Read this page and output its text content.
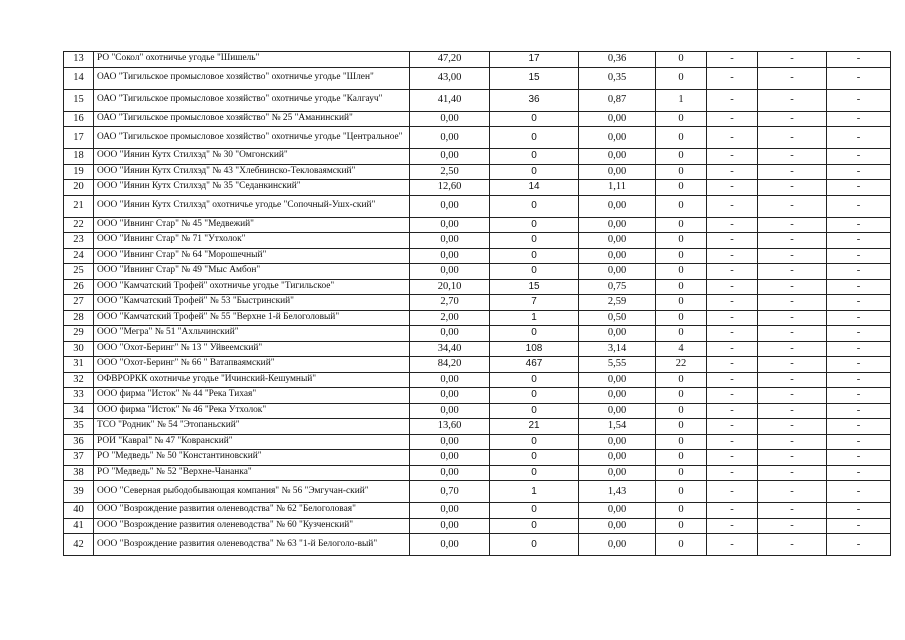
13	РО "Сокол" охотничье угодье "Шишель"	47,20	17	0,36	0	-	-	-
14	ОАО "Тигильское промысловое хозяйство" охотничье угодье "Шлен"	43,00	15	0,35	0	-	-	-
15	ОАО "Тигильское промысловое хозяйство" охотничье угодье "Калгауч"	41,40	36	0,87	1	-	-	-
16	ОАО "Тигильское промысловое хозяйство" № 25 "Аманинский"	0,00	0	0,00	0	-	-	-
17	ОАО "Тигильское промысловое хозяйство" охотничье угодье "Центральное"	0,00	0	0,00	0	-	-	-
18	ООО "Иянин Кутх Стилхэд" № 30 "Омгонский"	0,00	0	0,00	0	-	-	-
19	ООО "Иянин Кутх Стилхэд" № 43 "Хлебнинско-Текловаямский"	2,50	0	0,00	0	-	-	-
20	ООО "Иянин Кутх Стилхэд" № 35 "Седанкинский"	12,60	14	1,11	0	-	-	-
21	ООО "Иянин Кутх Стилхэд" охотничье угодье "Сопочный-Ушх-ский"	0,00	0	0,00	0	-	-	-
22	ООО "Ивнинг Стар" № 45 "Медвежий"	0,00	0	0,00	0	-	-	-
23	ООО "Ивнинг Стар" № 71 "Утхолок"	0,00	0	0,00	0	-	-	-
24	ООО "Ивнинг Стар" № 64 "Морошечный"	0,00	0	0,00	0	-	-	-
25	ООО "Ивнинг Стар" № 49 "Мыс Амбон"	0,00	0	0,00	0	-	-	-
26	ООО "Камчатский Трофей" охотничье угодье "Тигильское"	20,10	15	0,75	0	-	-	-
27	ООО "Камчатский Трофей" № 53 "Быстринский"	2,70	7	2,59	0	-	-	-
28	ООО "Камчатский Трофей" № 55 "Верхне 1-й Белоголовый"	2,00	1	0,50	0	-	-	-
29	ООО "Мегра" № 51 "Ахльчинский"	0,00	0	0,00	0	-	-	-
30	ООО "Охот-Беринг" № 13 " Уйвеемский"	34,40	108	3,14	4	-	-	-
31	ООО "Охот-Беринг" № 66 " Ватапваямский"	84,20	467	5,55	22	-	-	-
32	ОФВРОРКК охотничье угодье "Ичинский-Кешумный"	0,00	0	0,00	0	-	-	-
33	ООО фирма "Исток" № 44 "Река Тихая"	0,00	0	0,00	0	-	-	-
34	ООО фирма "Исток" № 46 "Река Утхолок"	0,00	0	0,00	0	-	-	-
35	ТСО "Родник" № 54 "Этопаньский"	13,60	21	1,54	0	-	-	-
36	РОИ "Кавраl" № 47 "Ковранский"	0,00	0	0,00	0	-	-	-
37	РО "Медведь" № 50 "Константиновский"	0,00	0	0,00	0	-	-	-
38	РО "Медведь" № 52 "Верхне-Чананка"	0,00	0	0,00	0	-	-	-
39	ООО "Северная рыбодобывающая компания" № 56 "Эмгучан-ский"	0,70	1	1,43	0	-	-	-
40	ООО "Возрождение развития оленеводства" № 62 "Белоголовая"	0,00	0	0,00	0	-	-	-
41	ООО "Возрождение развития оленеводства" № 60 "Кузченский"	0,00	0	0,00	0	-	-	-
42	ООО "Возрождение развития оленеводства" № 63 "1-й Белоголо-вый"	0,00	0	0,00	0	-	-	-
